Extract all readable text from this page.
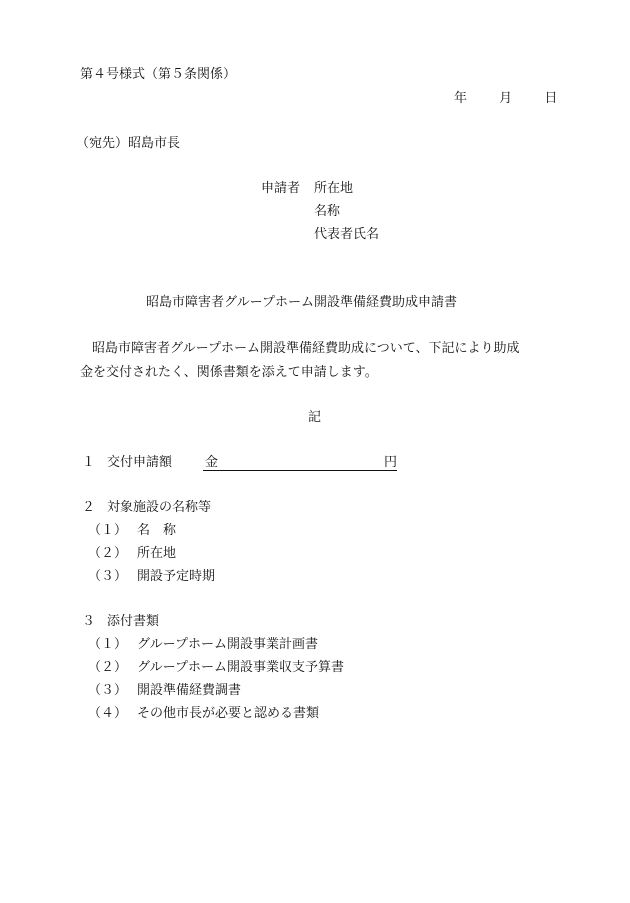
第４号様式（第５条関係）
年 月 日
（宛先）昭島市長
申請者 所在地
名称
代表者氏名
昭島市障害者グループホーム開設準備経費助成申請書
昭島市障害者グループホーム開設準備経費助成について、下記により助成
金を交付されたく、関係書類を添えて申請します。
記
１ 交付申請額	金	円
２ 対象施設の名称等
（１） 名　称
（２） 所在地
（３） 開設予定時期
３ 添付書類
（１） グループホーム開設事業計画書
（２） グループホーム開設事業収支予算書
（３） 開設準備経費調書
（４） その他市長が必要と認める書類
